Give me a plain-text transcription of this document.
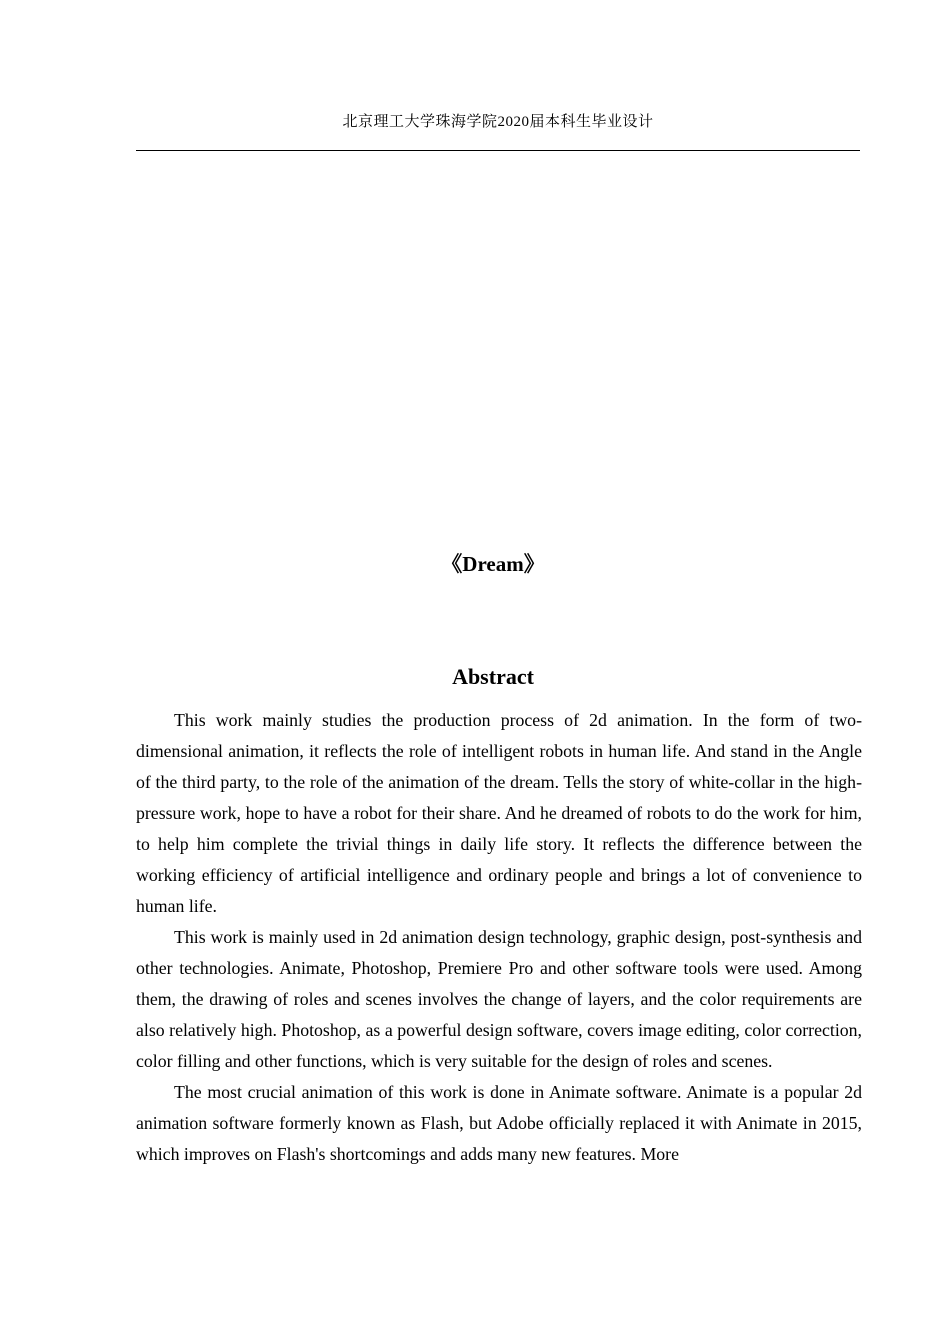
北京理工大学珠海学院2020届本科生毕业设计
《Dream》
Abstract

This work mainly studies the production process of 2d animation. In the form of two-dimensional animation, it reflects the role of intelligent robots in human life. And stand in the Angle of the third party, to the role of the animation of the dream. Tells the story of white-collar in the high-pressure work, hope to have a robot for their share. And he dreamed of robots to do the work for him, to help him complete the trivial things in daily life story. It reflects the difference between the working efficiency of artificial intelligence and ordinary people and brings a lot of convenience to human life.

This work is mainly used in 2d animation design technology, graphic design, post-synthesis and other technologies. Animate, Photoshop, Premiere Pro and other software tools were used. Among them, the drawing of roles and scenes involves the change of layers, and the color requirements are also relatively high. Photoshop, as a powerful design software, covers image editing, color correction, color filling and other functions, which is very suitable for the design of roles and scenes.

The most crucial animation of this work is done in Animate software. Animate is a popular 2d animation software formerly known as Flash, but Adobe officially replaced it with Animate in 2015, which improves on Flash's shortcomings and adds many new features. More
